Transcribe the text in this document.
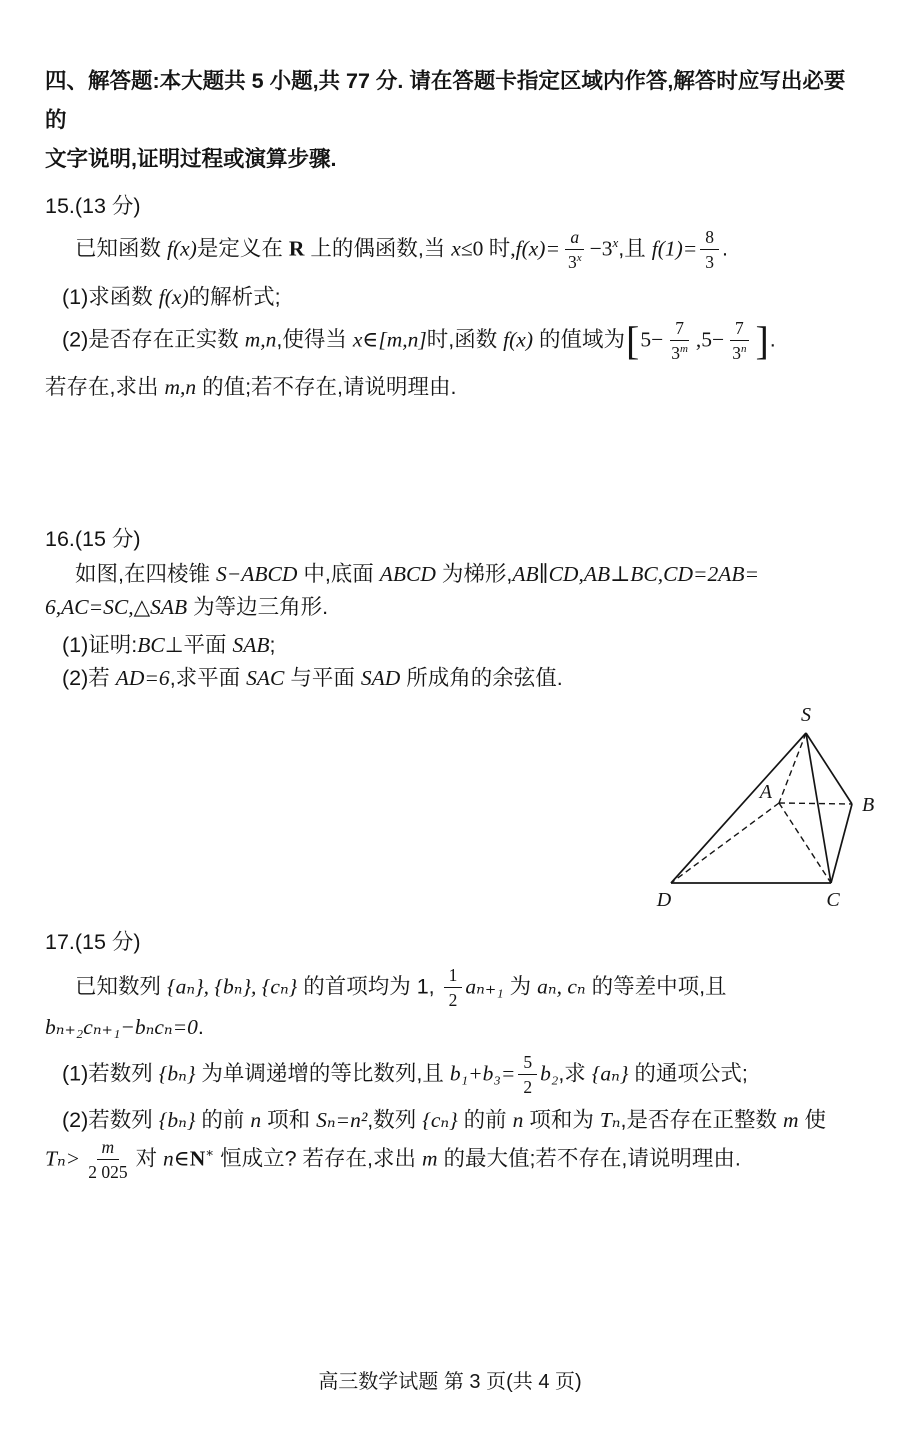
四、解答题:本大题共 5 小题,共 77 分. 请在答题卡指定区域内作答,解答时应写出必要的
文字说明,证明过程或演算步骤.

15.(13 分)

已知函数 f(x)是定义在 R 上的偶函数,当 x≤0 时$,f(x)= \frac{a}{3^x} -3^x$,且 $f(1)= \frac{8}{3}$ .

(1)求函数 f(x)的解析式;

(2)是否存在正实数 m,n,使得当 x∈[m,n]时,函数 f(x) 的值域为[$5- \frac{7}{3^m} ,5- \frac{7}{3^n}$ ].

若存在,求出 m,n 的值;若不存在,请说明理由.

16.(15 分)

如图,在四棱锥 S−ABCD 中,底面 ABCD 为梯形,AB∥CD,AB⊥BC,CD=2AB=

6,AC=SC,△SAB 为等边三角形.

(1)证明:BC⊥平面 SAB;

(2)若 AD=6,求平面 SAC 与平面 SAD 所成角的余弦值.

S
A
B
D	C

17.(15 分)

已知数列 {aₙ}, {bₙ}, {cₙ} 的首项均为 1, $\frac{1}{2} a_{n+1}$ 为 aₙ, cₙ 的等差中项,且

bₙ₊₂cₙ₊₁−bₙcₙ=0.

(1)若数列 {bₙ} 为单调递增的等比数列,且 $b_1+b_3= \frac{5}{2} b_2$,求 {aₙ} 的通项公式;

(2)若数列 {bₙ} 的前 n 项和 Sₙ=n²,数列 {cₙ} 的前 n 项和为 Tₙ,是否存在正整数 m 使

$T_n> \frac{m}{2 025}$ 对 n∈N∗ 恒成立? 若存在,求出 m 的最大值;若不存在,请说明理由.

高三数学试题 第 3 页(共 4 页)
